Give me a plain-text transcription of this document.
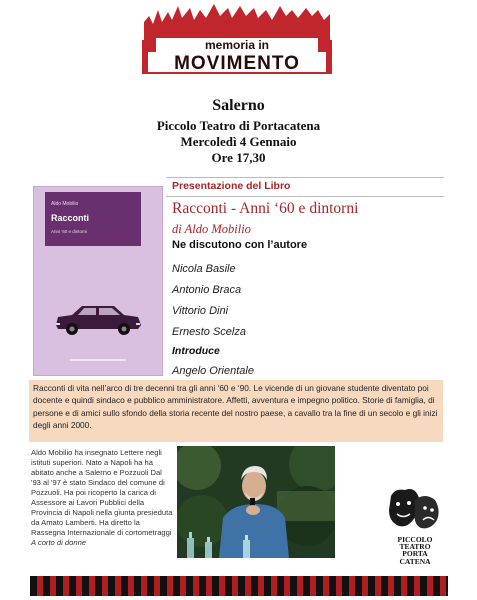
memoria in
MOVIMENTO
Salerno
Piccolo Teatro di Portacatena
Mercoledì 4 Gennaio
Ore 17,30
Aldo Mobilio
Racconti
Anni ’60 e dintorni
Presentazione del Libro
Racconti - Anni ‘60 e dintorni
di Aldo Mobilio
Ne discutono con l’autore
Nicola Basile
Antonio Braca
Vittorio Dini
Ernesto Scelza
Introduce
Angelo Orientale
Racconti di vita nell’arco di tre decenni tra gli anni ‘60 e ‘90. Le vicende di un giovane studente diventato poi docente e quindi sindaco e pubblico amministratore. Affetti, avventura e impegno politico. Storie di famiglia, di persone e di amici sullo sfondo della storia recente del nostro paese, a cavallo tra la fine di un secolo e gli inizi degli anni 2000.
Aldo Mobilio ha insegnato Lettere negli istituti superiori. Nato a Napoli ha ha abitato anche a Salerno e Pozzuoli Dal '93 al '97 è stato Sindaco del comune di Pozzuoli. Ha poi ricoperto la carica di Assessore ai Lavori Pubblici della Provincia di Napoli nella giunta presieduta da Amato Lamberti. Ha diretto la Rassegna Internazionale di cortometraggi A corto di donne	PICCOLO
TEATRO
PORTA
CATENA
